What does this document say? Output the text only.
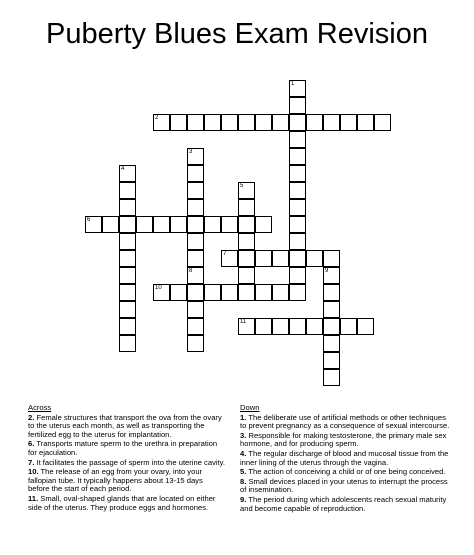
Puberty Blues Exam Revision
1
2
3
4
5
6
7
8	9
10
11
Across
2. Female structures that transport the ova from the ovary to the uterus each month, as well as transporting the fertilized egg to the uterus for implantation.
6. Transports mature sperm to the urethra in preparation for ejaculation.
7. It facilitates the passage of sperm into the uterine cavity.
10. The release of an egg from your ovary, into your fallopian tube. It typically happens about 13-15 days before the start of each period.
11. Small, oval-shaped glands that are located on either side of the uterus. They produce eggs and hormones.
Down
1. The deliberate use of artificial methods or other techniques to prevent pregnancy as a consequence of sexual intercourse.
3. Responsible for making testosterone, the primary male sex hormone, and for producing sperm.
4. The regular discharge of blood and mucosal tissue from the inner lining of the uterus through the vagina.
5. The action of conceiving a child or of one being conceived.
8. Small devices placed in your uterus to interrupt the process of insemination.
9. The period during which adolescents reach sexual maturity and become capable of reproduction.
